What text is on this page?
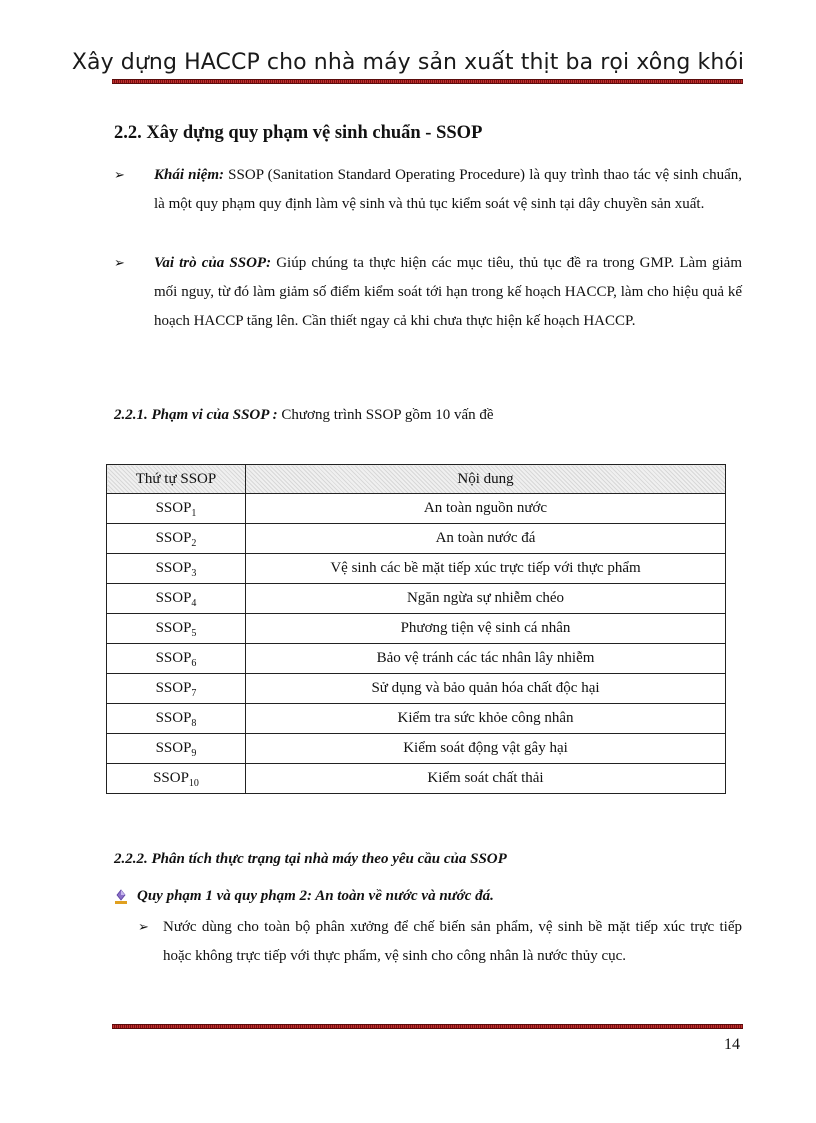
Xây dựng HACCP cho nhà máy sản xuất thịt ba rọi xông khói
2.2. Xây dựng quy phạm vệ sinh chuẩn - SSOP
➢ Khái niệm: SSOP (Sanitation Standard Operating Procedure) là quy trình thao tác vệ sinh chuẩn, là một quy phạm quy định làm vệ sinh và thủ tục kiểm soát vệ sinh tại dây chuyền sản xuất.
➢ Vai trò của SSOP: Giúp chúng ta thực hiện các mục tiêu, thủ tục đề ra trong GMP. Làm giảm mối nguy, từ đó làm giảm số điểm kiểm soát tới hạn trong kế hoạch HACCP, làm cho hiệu quả kế hoạch HACCP tăng lên. Cần thiết ngay cả khi chưa thực hiện kế hoạch HACCP.
2.2.1. Phạm vi của SSOP : Chương trình SSOP gồm 10 vấn đề
Thứ tự SSOP	Nội dung
$SSOP_1$	An toàn nguồn nước
$SSOP_2$	An toàn nước đá
$SSOP_3$	Vệ sinh các bề mặt tiếp xúc trực tiếp với thực phẩm
$SSOP_4$	Ngăn ngừa sự nhiễm chéo
$SSOP_5$	Phương tiện vệ sinh cá nhân
$SSOP_6$	Bảo vệ tránh các tác nhân lây nhiễm
$SSOP_7$	Sử dụng và bảo quản hóa chất độc hại
$SSOP_8$	Kiểm tra sức khỏe công nhân
$SSOP_9$	Kiểm soát động vật gây hại
$SSOP_{10}$	Kiểm soát chất thải
2.2.2. Phân tích thực trạng tại nhà máy theo yêu cầu của SSOP
Quy phạm 1 và quy phạm 2: An toàn về nước và nước đá.
➢ Nước dùng cho toàn bộ phân xưởng để chế biến sản phẩm, vệ sinh bề mặt tiếp xúc trực tiếp hoặc không trực tiếp với thực phẩm, vệ sinh cho công nhân là nước thủy cục.
14
